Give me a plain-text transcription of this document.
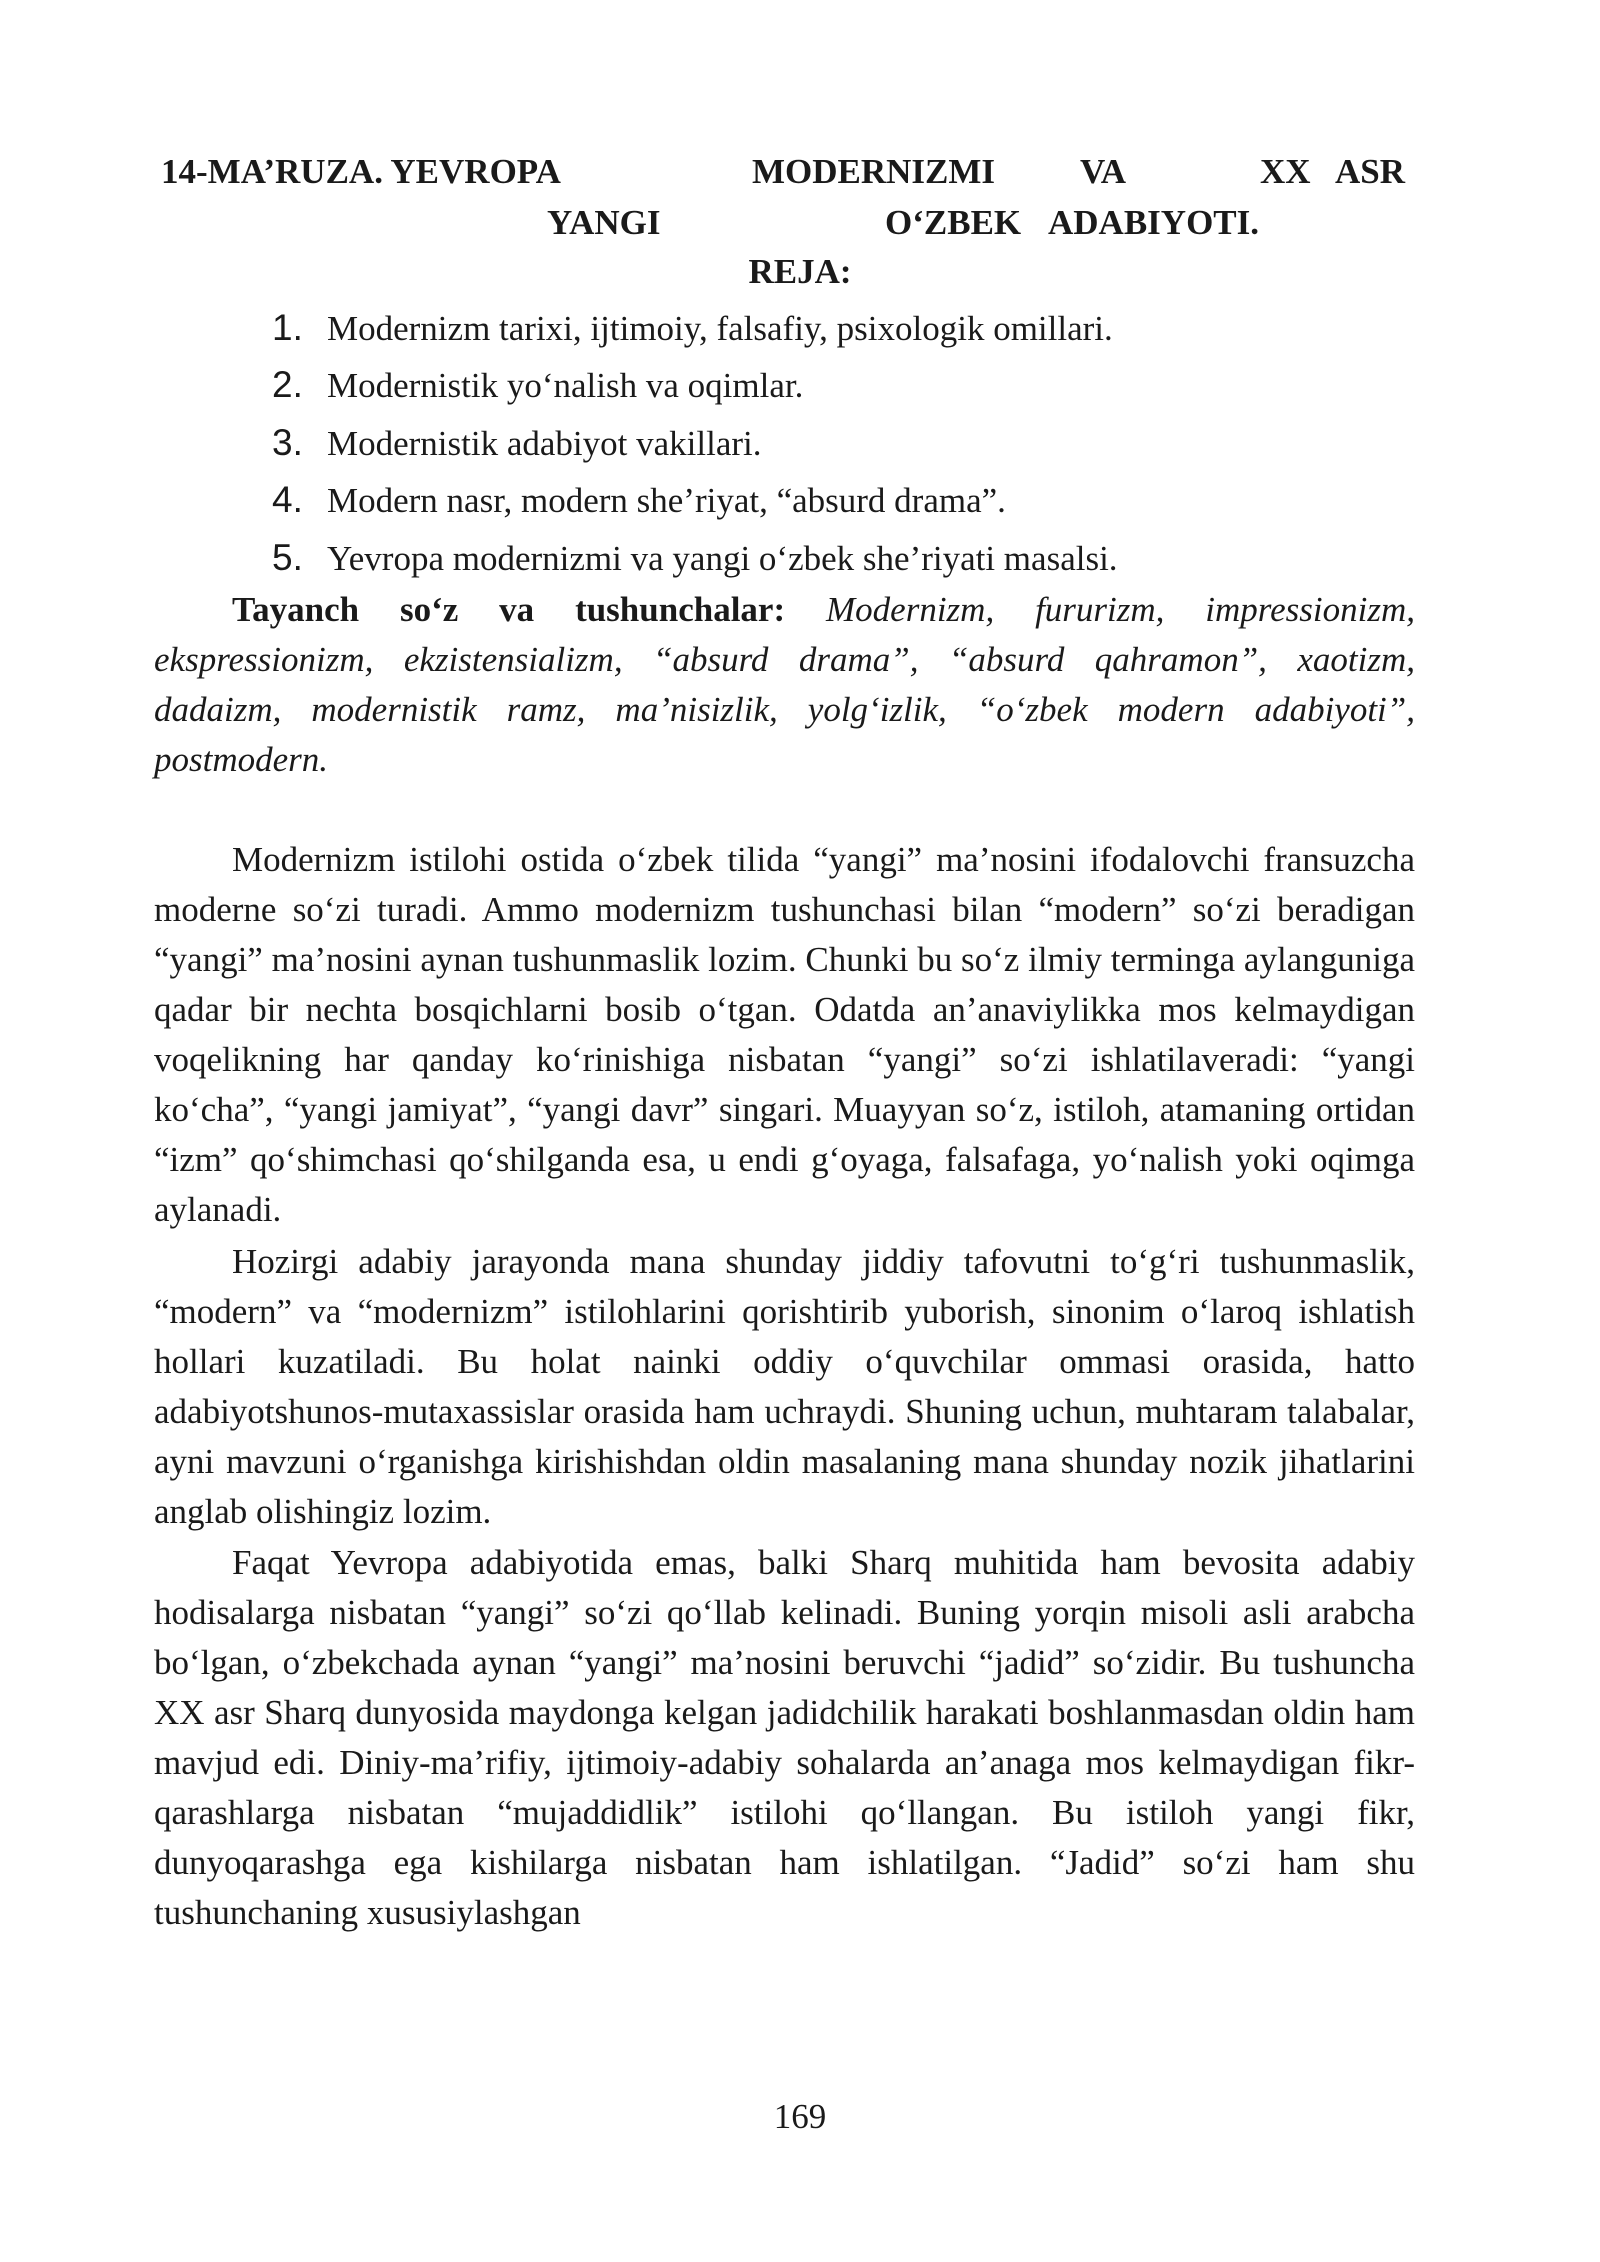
14-MA’RUZA. YEVROPA	MODERNIZMI VA	XX ASR
YANGI	O‘ZBEK ADABIYOTI.
REJA:
1. Modernizm tarixi, ijtimoiy, falsafiy, psixologik omillari.
2. Modernistik yo‘nalish va oqimlar.
3. Modernistik adabiyot vakillari.
4. Modern nasr, modern she’riyat, “absurd drama”.
5. Yevropa modernizmi va yangi o‘zbek she’riyati masalsi.

Tayanch so‘z va tushunchalar: Modernizm, fururizm, impressionizm, ekspressionizm, ekzistensializm, “absurd drama”, “absurd qahramon”, xaotizm, dadaizm, modernistik ramz, ma’nisizlik, yolg‘izlik, “o‘zbek modern adabiyoti”, postmodern.

Modernizm istilohi ostida o‘zbek tilida “yangi” ma’nosini ifodalovchi fransuzcha moderne so‘zi turadi. Ammo modernizm tushunchasi bilan “modern” so‘zi beradigan “yangi” ma’nosini aynan tushunmaslik lozim. Chunki bu so‘z ilmiy terminga aylanguniga qadar bir nechta bosqichlarni bosib o‘tgan. Odatda an’anaviylikka mos kelmaydigan voqelikning har qanday ko‘rinishiga nisbatan “yangi” so‘zi ishlatilaveradi: “yangi ko‘cha”, “yangi jamiyat”, “yangi davr” singari. Muayyan so‘z, istiloh, atamaning ortidan “izm” qo‘shimchasi qo‘shilganda esa, u endi g‘oyaga, falsafaga, yo‘nalish yoki oqimga aylanadi.

Hozirgi adabiy jarayonda mana shunday jiddiy tafovutni to‘g‘ri tushunmaslik, “modern” va “modernizm” istilohlarini qorishtirib yuborish, sinonim o‘laroq ishlatish hollari kuzatiladi. Bu holat nainki oddiy o‘quvchilar ommasi orasida, hatto adabiyotshunos-mutaxassislar orasida ham uchraydi. Shuning uchun, muhtaram talabalar, ayni mavzuni o‘rganishga kirishishdan oldin masalaning mana shunday nozik jihatlarini anglab olishingiz lozim.

Faqat Yevropa adabiyotida emas, balki Sharq muhitida ham bevosita adabiy hodisalarga nisbatan “yangi” so‘zi qo‘llab kelinadi. Buning yorqin misoli asli arabcha bo‘lgan, o‘zbekchada aynan “yangi” ma’nosini beruvchi “jadid” so‘zidir. Bu tushuncha XX asr Sharq dunyosida maydonga kelgan jadidchilik harakati boshlanmasdan oldin ham mavjud edi. Diniy-ma’rifiy, ijtimoiy-adabiy sohalarda an’anaga mos kelmaydigan fikr-qarashlarga nisbatan “mujaddidlik” istilohi qo‘llangan. Bu istiloh yangi fikr, dunyoqarashga ega kishilarga nisbatan ham ishlatilgan. “Jadid” so‘zi ham shu tushunchaning xususiylashgan

169
